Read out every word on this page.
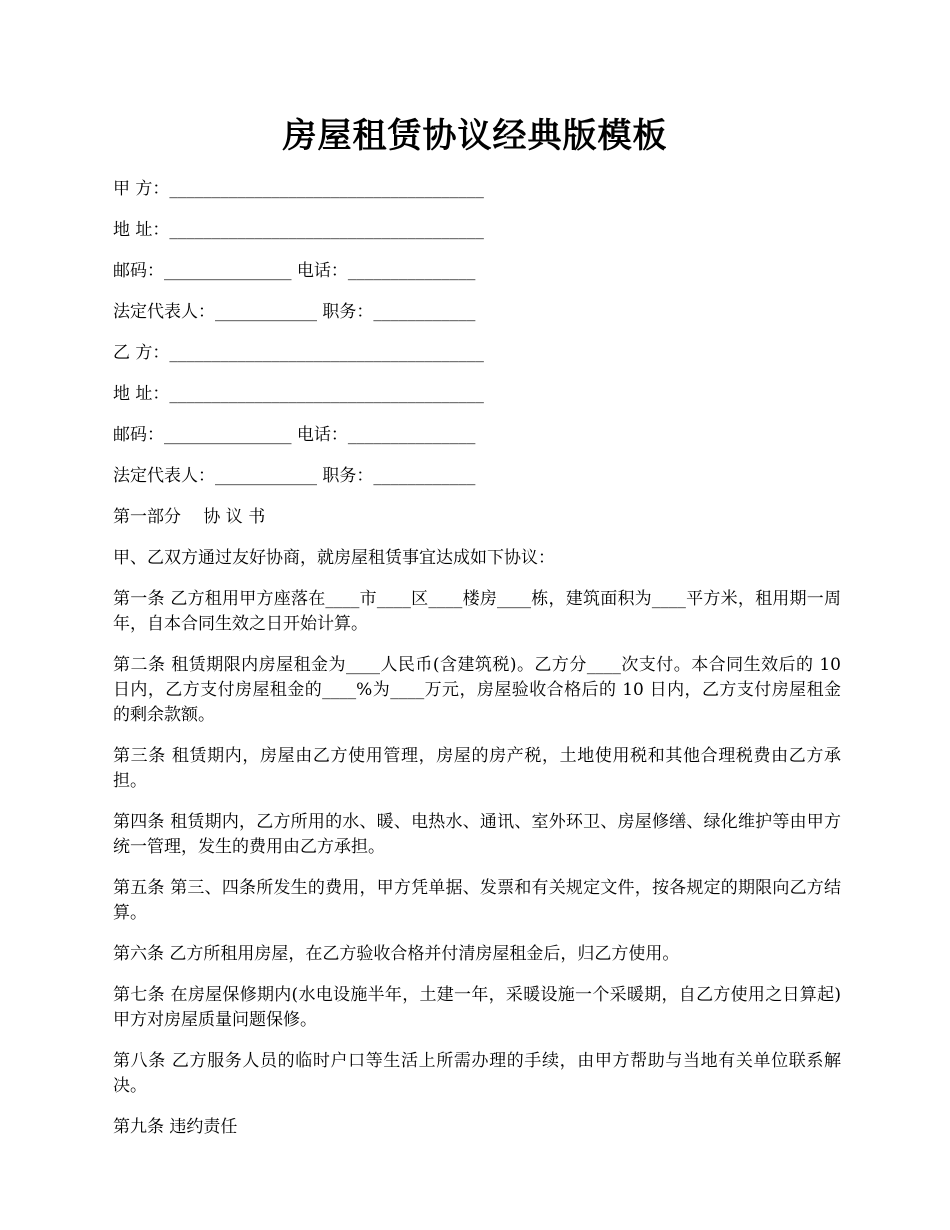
房屋租赁协议经典版模板
甲 方：_____________________________________
地 址：_____________________________________
邮码：_______________ 电话：_______________
法定代表人：____________ 职务：____________
乙 方：_____________________________________
地 址：_____________________________________
邮码：_______________ 电话：_______________
法定代表人：____________ 职务：____________

第一部分　 协 议 书

甲、乙双方通过友好协商，就房屋租赁事宜达成如下协议：

第一条 乙方租用甲方座落在____市____区____楼房____栋，建筑面积为____平方米，租用期一周年，自本合同生效之日开始计算。

第二条 租赁期限内房屋租金为____人民币(含建筑税)。乙方分____次支付。本合同生效后的 10 日内，乙方支付房屋租金的____%为____万元，房屋验收合格后的 10 日内，乙方支付房屋租金的剩余款额。

第三条 租赁期内，房屋由乙方使用管理，房屋的房产税，土地使用税和其他合理税费由乙方承担。

第四条 租赁期内，乙方所用的水、暖、电热水、通讯、室外环卫、房屋修缮、绿化维护等由甲方统一管理，发生的费用由乙方承担。

第五条 第三、四条所发生的费用，甲方凭单据、发票和有关规定文件，按各规定的期限向乙方结算。

第六条 乙方所租用房屋，在乙方验收合格并付清房屋租金后，归乙方使用。

第七条 在房屋保修期内(水电设施半年，土建一年，采暖设施一个采暖期，自乙方使用之日算起)甲方对房屋质量问题保修。

第八条 乙方服务人员的临时户口等生活上所需办理的手续，由甲方帮助与当地有关单位联系解决。

第九条 违约责任
